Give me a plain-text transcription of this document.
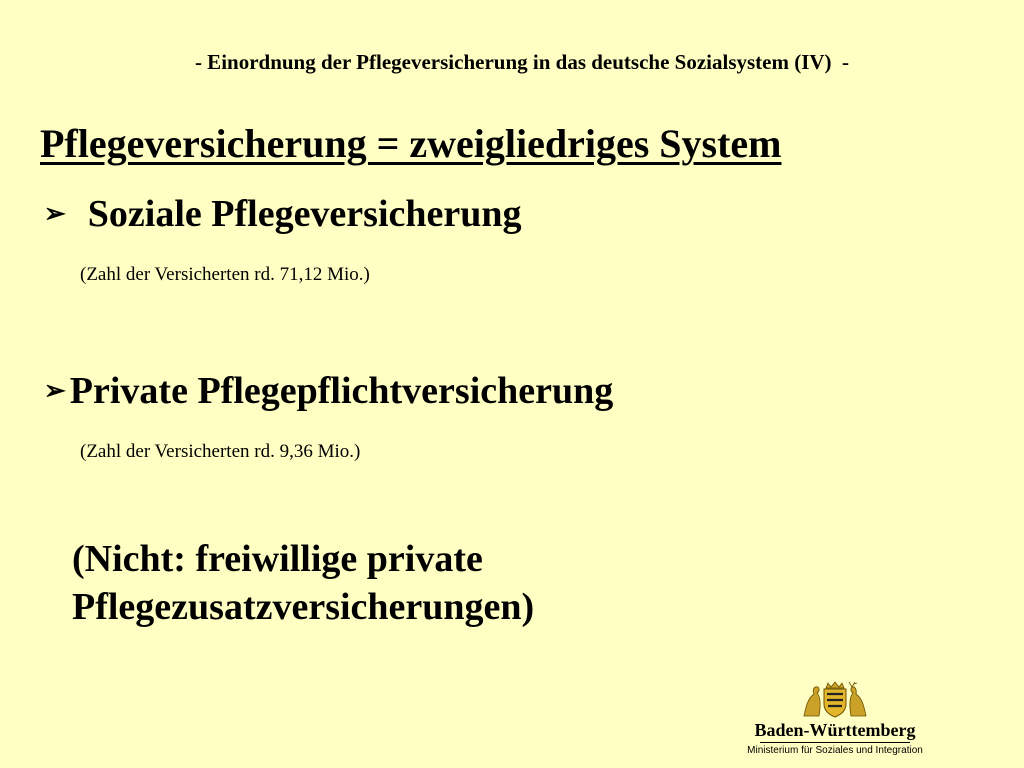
- Einordnung der Pflegeversicherung in das deutsche Sozialsystem (IV)  -
Pflegeversicherung = zweigliedriges System
➢ Soziale Pflegeversicherung
(Zahl der Versicherten rd. 71,12 Mio.)
➢ Private Pflegepflichtversicherung
(Zahl der Versicherten rd. 9,36 Mio.)
(Nicht: freiwillige private
Pflegezusatzversicherungen)
Baden-Württemberg
Ministerium für Soziales und Integration
